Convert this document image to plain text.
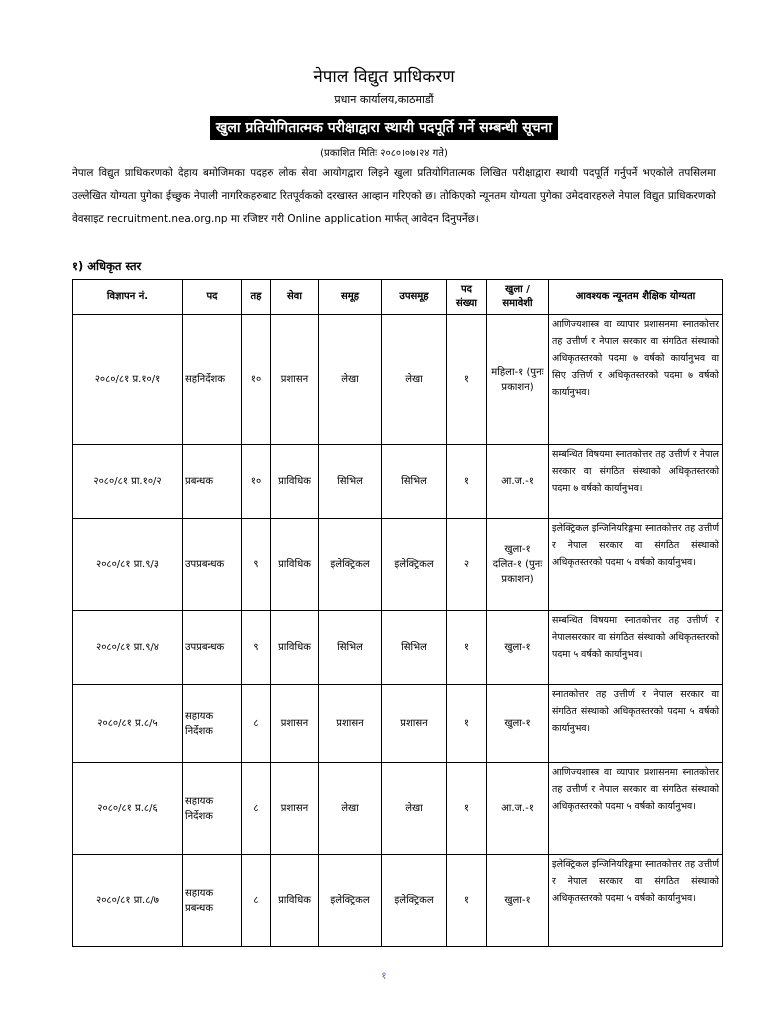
नेपाल विद्युत प्राधिकरण
प्रधान कार्यालय,काठमाडौं
खुला प्रतियोगितात्मक परीक्षाद्वारा स्थायी पदपूर्ति गर्ने सम्बन्धी सूचना
(प्रकाशित मितिः २०८०।०७।२४ गते)
नेपाल विद्युत प्राधिकरणको देहाय बमोजिमका पदहरु लोक सेवा आयोगद्वारा लिइने खुला प्रतियोगितात्मक लिखित परीक्षाद्वारा स्थायी पदपूर्ति गर्नुपर्ने भएकोले तपसिलमा उल्लेखित योग्यता पुगेका ईच्छुक नेपाली नागरिकहरुबाट रितपूर्वकको दरखास्त आव्हान गरिएको छ। तोकिएको न्यूनतम योग्यता पुगेका उमेदवारहरुले नेपाल विद्युत प्राधिकरणको वेवसाइट recruitment.nea.org.np मा रजिष्टर गरी Online application मार्फत् आवेदन दिनुपर्नेछ।
१) अधिकृत स्तर
विज्ञापन नं.	पद	तह	सेवा	समूह	उपसमूह	पद संख्या	खुला / समावेशी	आवश्यक न्यूनतम शैक्षिक योग्यता
२०८०/८१ प्र.१०/१	सहनिर्देशक	१०	प्रशासन	लेखा	लेखा	१	महिला-१ (पुनः प्रकाशन)	आणिज्यशास्त्र वा व्यापार प्रशासनमा स्नातकोत्तर तह उत्तीर्ण र नेपाल सरकार वा संगठित संस्थाको अधिकृतस्तरको पदमा ७ वर्षको कार्यानुभव वा सिए उत्तिर्ण र अधिकृतस्तरको पदमा ७ वर्षको कार्यानुभव।
२०८०/८१ प्रा.१०/२	प्रबन्धक	१०	प्राविधिक	सिभिल	सिभिल	१	आ.ज.-१	सम्बन्धित विषयमा स्नातकोत्तर तह उत्तीर्ण र नेपाल सरकार वा संगठित संस्थाको अधिकृतस्तरको पदमा ७ वर्षको कार्यानुभव।
२०८०/८१ प्रा.९/३	उपप्रबन्धक	९	प्राविधिक	इलेक्ट्रिकल	इलेक्ट्रिकल	२	खुला-१ दलित-१ (पुनः प्रकाशन)	इलेक्ट्रिकल इन्जिनियरिङ्गमा स्नातकोत्तर तह उत्तीर्ण र नेपाल सरकार वा संगठित संस्थाको अधिकृतस्तरको पदमा ५ वर्षको कार्यानुभव।
२०८०/८१ प्रा.९/४	उपप्रबन्धक	९	प्राविधिक	सिभिल	सिभिल	१	खुला-१	सम्बन्धित विषयमा स्नातकोत्तर तह उत्तीर्ण र नेपालसरकार वा संगठित संस्थाको अधिकृतस्तरको पदमा ५ वर्षको कार्यानुभव।
२०८०/८१ प्र.८/५	सहायक निर्देशक	८	प्रशासन	प्रशासन	प्रशासन	१	खुला-१	स्नातकोत्तर तह उत्तीर्ण र नेपाल सरकार वा संगठित संस्थाको अधिकृतस्तरको पदमा ५ वर्षको कार्यानुभव।
२०८०/८१ प्र.८/६	सहायक निर्देशक	८	प्रशासन	लेखा	लेखा	१	आ.ज.-१	आणिज्यशास्त्र वा व्यापार प्रशासनमा स्नातकोत्तर तह उत्तीर्ण र नेपाल सरकार वा संगठित संस्थाको अधिकृतस्तरको पदमा ५ वर्षको कार्यानुभव।
२०८०/८१ प्रा.८/७	सहायक प्रबन्धक	८	प्राविधिक	इलेक्ट्रिकल	इलेक्ट्रिकल	१	खुला-१	इलेक्ट्रिकल इन्जिनियरिङ्गमा स्नातकोत्तर तह उत्तीर्ण र नेपाल सरकार वा संगठित संस्थाको अधिकृतस्तरको पदमा ५ वर्षको कार्यानुभव।
१
